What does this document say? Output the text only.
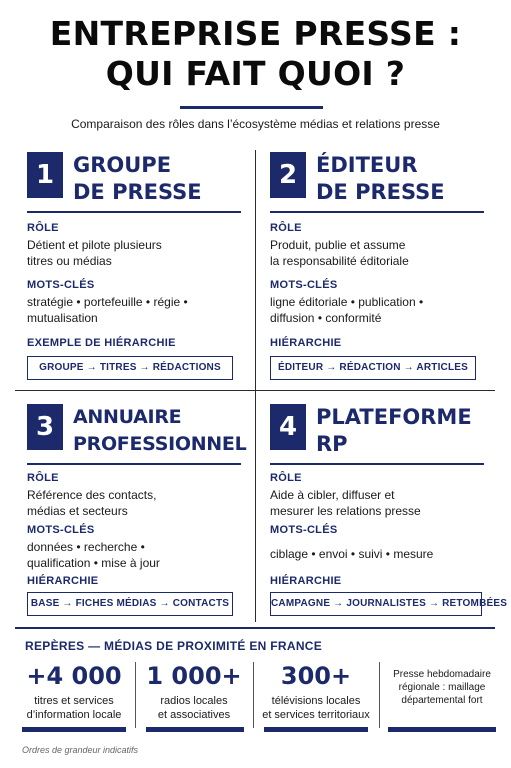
ENTREPRISE PRESSE :
QUI FAIT QUOI ?
Comparaison des rôles dans l’écosystème médias et relations presse
1 GROUPE
DE PRESSE
RÔLE
Détient et pilote plusieurs
titres ou médias
MOTS-CLÉS
stratégie • portefeuille • régie •
mutualisation
EXEMPLE DE HIÉRARCHIE
GROUPE → TITRES → RÉDACTIONS
2 ÉDITEUR
DE PRESSE
RÔLE
Produit, publie et assume
la responsabilité éditoriale
MOTS-CLÉS
ligne éditoriale • publication •
diffusion • conformité
HIÉRARCHIE
ÉDITEUR → RÉDACTION → ARTICLES
3 ANNUAIRE
PROFESSIONNEL
RÔLE
Référence des contacts,
médias et secteurs
MOTS-CLÉS
données • recherche •
qualification • mise à jour
HIÉRARCHIE
BASE → FICHES MÉDIAS → CONTACTS
4 PLATEFORME
RP
RÔLE
Aide à cibler, diffuser et
mesurer les relations presse
MOTS-CLÉS
ciblage • envoi • suivi • mesure
HIÉRARCHIE
CAMPAGNE → JOURNALISTES → RETOMBÉES
REPÈRES — MÉDIAS DE PROXIMITÉ EN FRANCE
+4 000
titres et services
d’information locale
1 000+
radios locales
et associatives
300+
télévisions locales
et services territoriaux
Presse hebdomadaire régionale : maillage départemental fort
Ordres de grandeur indicatifs
